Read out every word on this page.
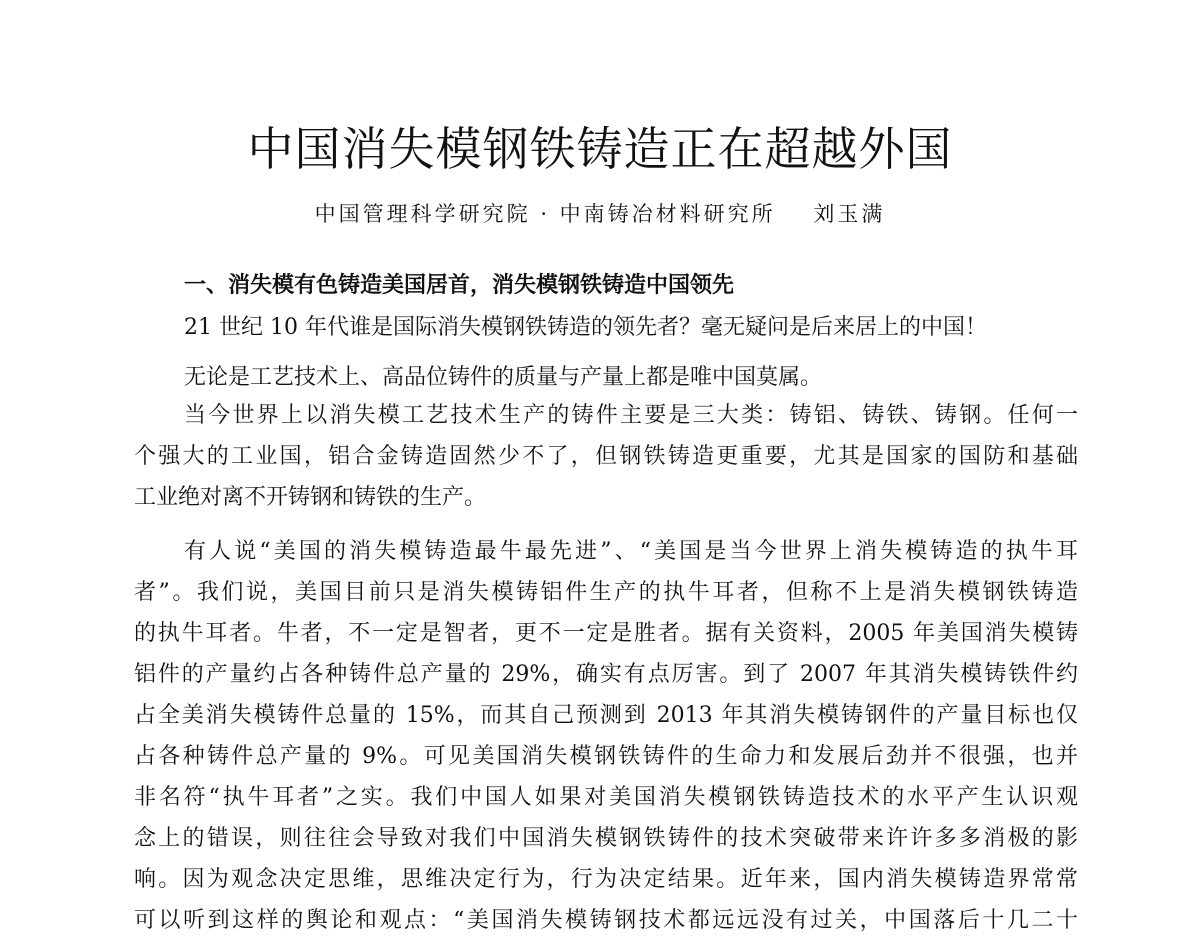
中国消失模钢铁铸造正在超越外国
中国管理科学研究院 · 中南铸冶材料研究所 刘玉满
一、消失模有色铸造美国居首，消失模钢铁铸造中国领先
21 世纪 10 年代谁是国际消失模钢铁铸造的领先者？毫无疑问是后来居上的中国！
无论是工艺技术上、高品位铸件的质量与产量上都是唯中国莫属。
当今世界上以消失模工艺技术生产的铸件主要是三大类：铸铝、铸铁、铸钢。任何一
个强大的工业国，铝合金铸造固然少不了，但钢铁铸造更重要，尤其是国家的国防和基础
工业绝对离不开铸钢和铸铁的生产。
有人说“美国的消失模铸造最牛最先进”、“美国是当今世界上消失模铸造的执牛耳
者”。我们说，美国目前只是消失模铸铝件生产的执牛耳者，但称不上是消失模钢铁铸造
的执牛耳者。牛者，不一定是智者，更不一定是胜者。据有关资料，2005 年美国消失模铸
铝件的产量约占各种铸件总产量的 29%，确实有点厉害。到了 2007 年其消失模铸铁件约
占全美消失模铸件总量的 15%，而其自己预测到 2013 年其消失模铸钢件的产量目标也仅
占各种铸件总产量的 9%。可见美国消失模钢铁铸件的生命力和发展后劲并不很强，也并
非名符“执牛耳者”之实。我们中国人如果对美国消失模钢铁铸造技术的水平产生认识观
念上的错误，则往往会导致对我们中国消失模钢铁铸件的技术突破带来许许多多消极的影
响。因为观念决定思维，思维决定行为，行为决定结果。近年来，国内消失模铸造界常常
可以听到这样的舆论和观点：“美国消失模铸钢技术都远远没有过关，中国落后十几二十
